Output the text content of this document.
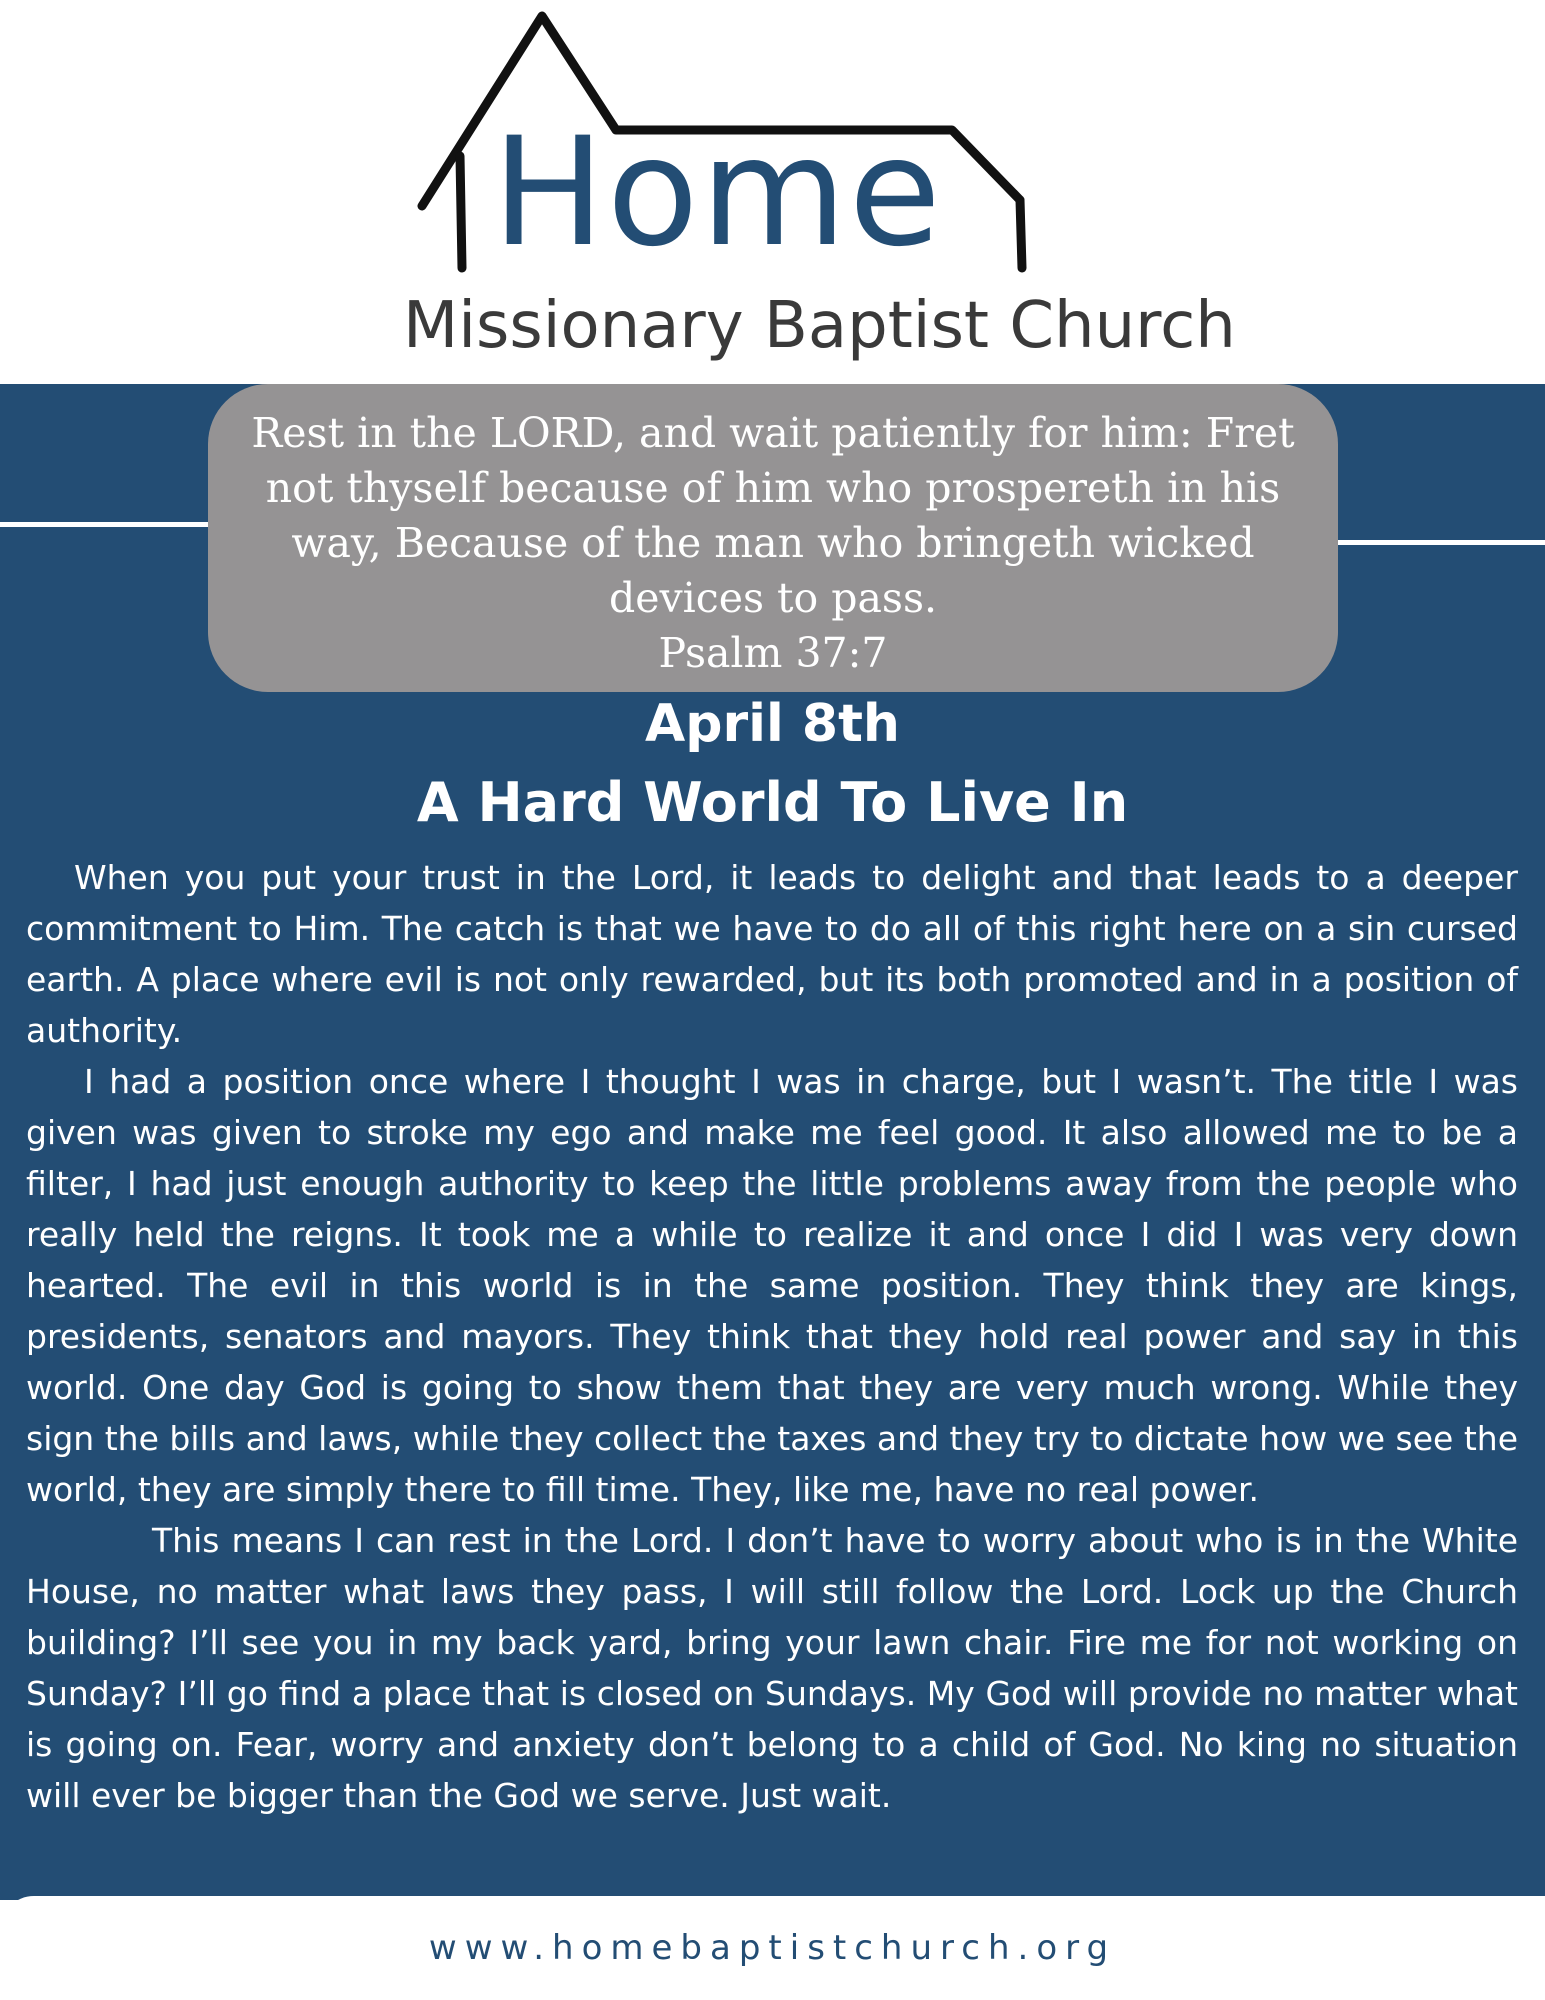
Home
Missionary Baptist Church
Rest in the LORD, and wait patiently for him: Fret not thyself because of him who prospereth in his way, Because of the man who bringeth wicked devices to pass.
Psalm 37:7
April 8th
A Hard World To Live In

When you put your trust in the Lord, it leads to delight and that leads to a deeper commitment to Him. The catch is that we have to do all of this right here on a sin cursed earth. A place where evil is not only rewarded, but its both promoted and in a position of authority.

I had a position once where I thought I was in charge, but I wasn’t. The title I was given was given to stroke my ego and make me feel good. It also allowed me to be a filter, I had just enough authority to keep the little problems away from the people who really held the reigns. It took me a while to realize it and once I did I was very down hearted. The evil in this world is in the same position. They think they are kings, presidents, senators and mayors. They think that they hold real power and say in this world. One day God is going to show them that they are very much wrong. While they sign the bills and laws, while they collect the taxes and they try to dictate how we see the world, they are simply there to fill time. They, like me, have no real power.

This means I can rest in the Lord. I don’t have to worry about who is in the White House, no matter what laws they pass, I will still follow the Lord. Lock up the Church building? I’ll see you in my back yard, bring your lawn chair. Fire me for not working on Sunday? I’ll go find a place that is closed on Sundays. My God will provide no matter what is going on. Fear, worry and anxiety don’t belong to a child of God. No king no situation will ever be bigger than the God we serve. Just wait.

www.homebaptistchurch.org
